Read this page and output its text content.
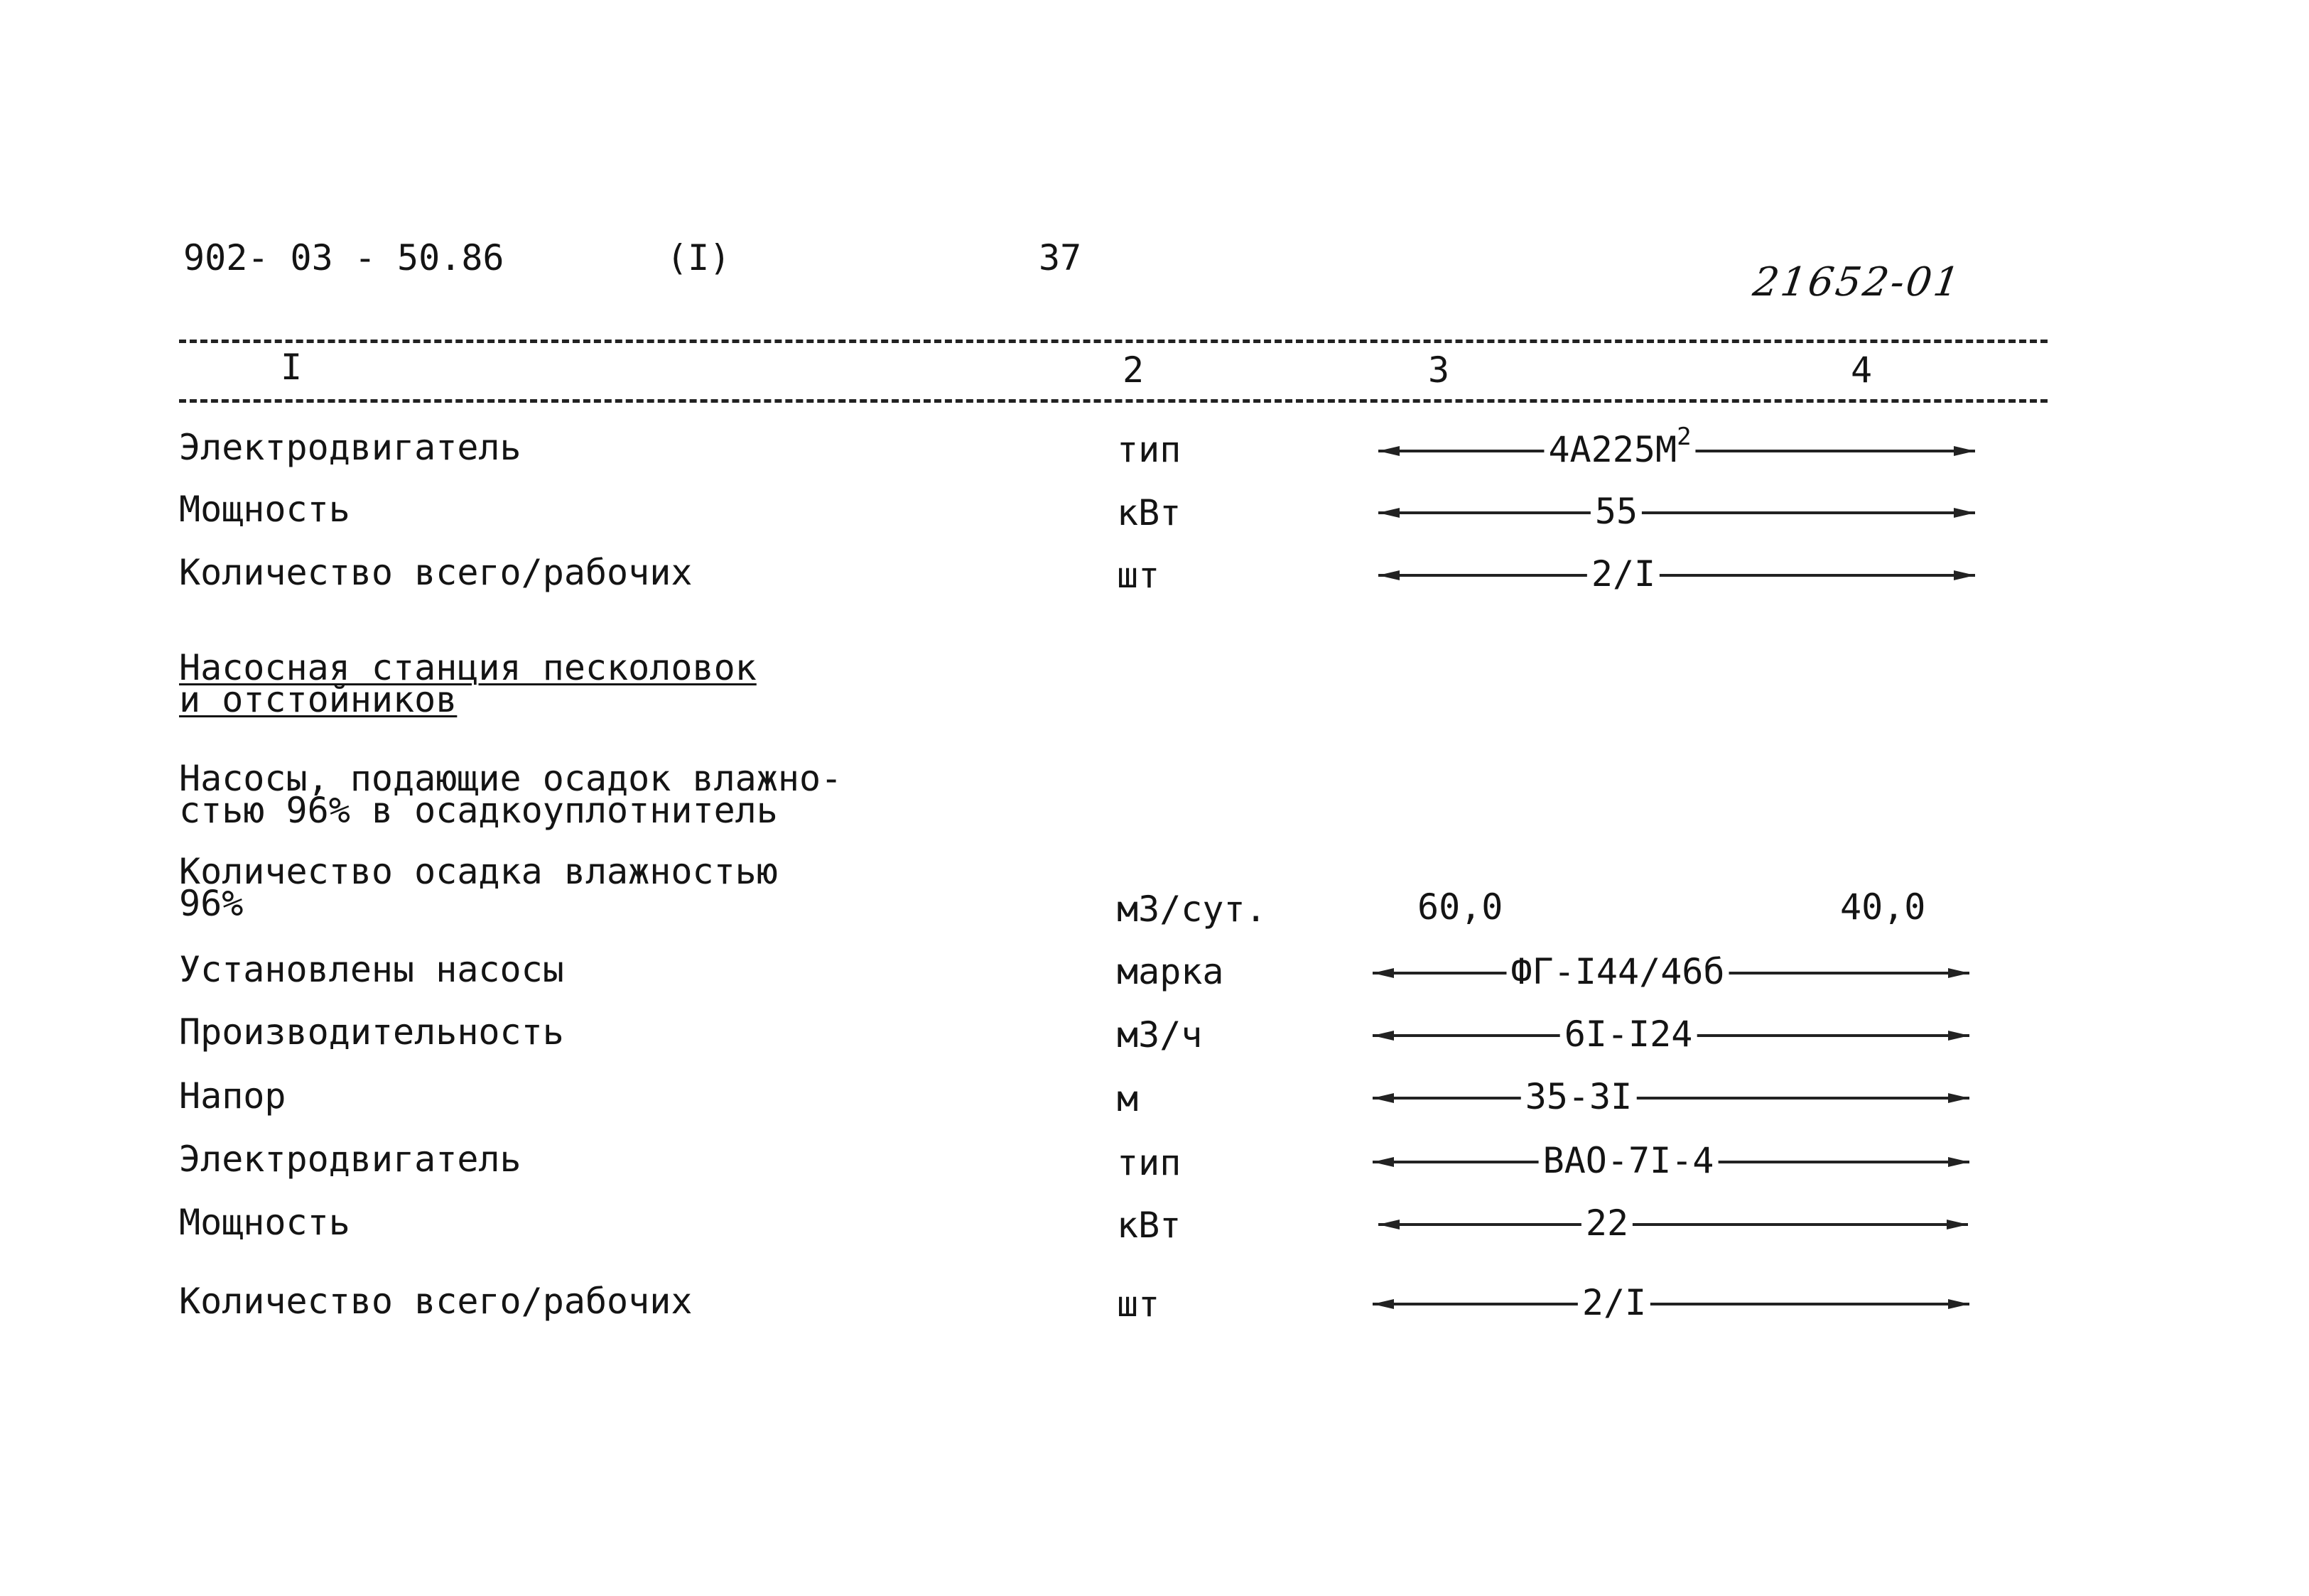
902- 03 - 50.86	(I)	37
21652-01
I	2	3	4
Электродвигатель	тип	$4А225М^2$
Мощность	кВт	55
Количество всего/рабочих	шт	2/I
Насосная станция песколовок
и отстойников
Насосы, подающие осадок влажно-
стью 96% в осадкоуплотнитель
Количество осадка влажностью
96%	м3/сут.	60,0	40,0
Установлены насосы	марка	ФГ-I44/46б
Производительность	м3/ч	6I-I24
Напор	м	35-3I
Электродвигатель	тип	ВАО-7I-4
Мощность	кВт	22
Количество всего/рабочих	шт	2/I
